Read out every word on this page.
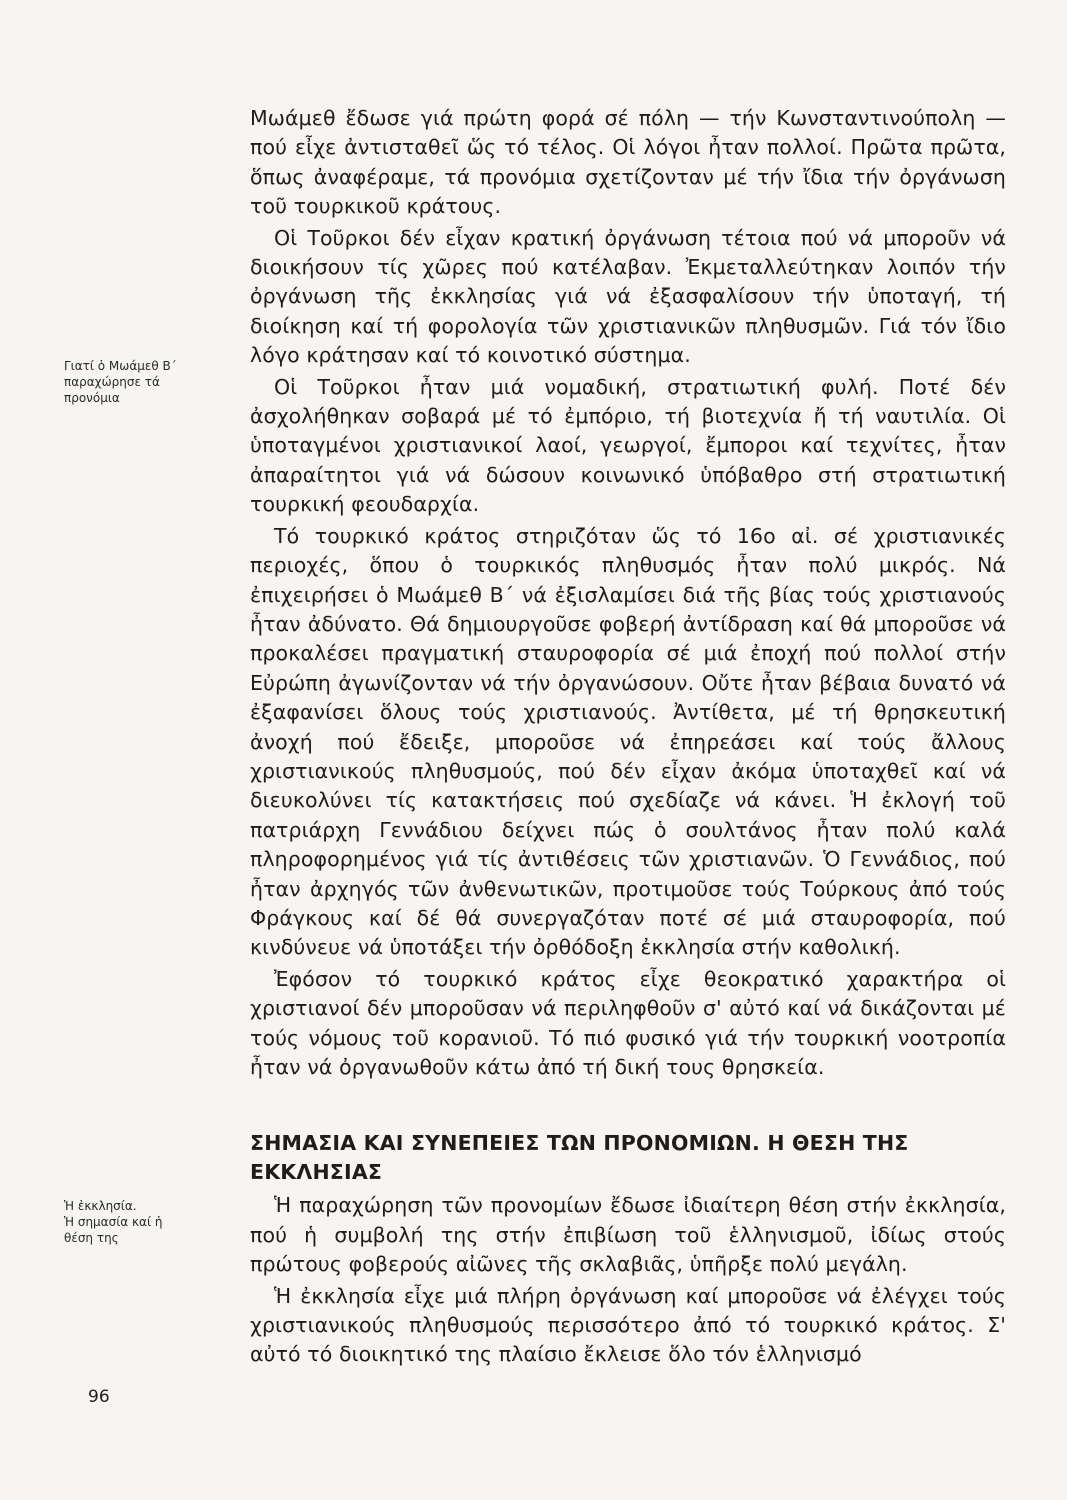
Γιατί ὁ Μωάμεθ Β΄
παραχώρησε τά
προνόμια
Ἡ ἐκκλησία.
Ἡ σημασία καί ἡ
θέση της

Μωάμεθ ἔδωσε γιά πρώτη φορά σέ πόλη — τήν Κωνσταντινούπολη — πού εἶχε ἀντισταθεῖ ὥς τό τέλος. Οἱ λόγοι ἦταν πολλοί. Πρῶτα πρῶτα, ὅπως ἀναφέραμε, τά προνόμια σχετίζονταν μέ τήν ἴδια τήν ὀργάνωση τοῦ τουρκικοῦ κράτους.

Οἱ Τοῦρκοι δέν εἶχαν κρατική ὀργάνωση τέτοια πού νά μποροῦν νά διοικήσουν τίς χῶρες πού κατέλαβαν. Ἐκμεταλλεύτηκαν λοιπόν τήν ὀργάνωση τῆς ἐκκλησίας γιά νά ἐξασφαλίσουν τήν ὑποταγή, τή διοίκηση καί τή φορολογία τῶν χριστιανικῶν πληθυσμῶν. Γιά τόν ἴδιο λόγο κράτησαν καί τό κοινοτικό σύστημα.

Οἱ Τοῦρκοι ἦταν μιά νομαδική, στρατιωτική φυλή. Ποτέ δέν ἀσχολήθηκαν σοβαρά μέ τό ἐμπόριο, τή βιοτεχνία ἤ τή ναυτιλία. Οἱ ὑποταγμένοι χριστιανικοί λαοί, γεωργοί, ἔμποροι καί τεχνίτες, ἦταν ἀπαραίτητοι γιά νά δώσουν κοινωνικό ὑπόβαθρο στή στρατιωτική τουρκική φεουδαρχία.

Τό τουρκικό κράτος στηριζόταν ὥς τό 16ο αἰ. σέ χριστιανικές περιοχές, ὅπου ὁ τουρκικός πληθυσμός ἦταν πολύ μικρός. Νά ἐπιχειρήσει ὁ Μωάμεθ Β΄ νά ἐξισλαμίσει διά τῆς βίας τούς χριστιανούς ἦταν ἀδύνατο. Θά δημιουργοῦσε φοβερή ἀντίδραση καί θά μποροῦσε νά προκαλέσει πραγματική σταυροφορία σέ μιά ἐποχή πού πολλοί στήν Εὐρώπη ἀγωνίζονταν νά τήν ὀργανώσουν. Οὔτε ἦταν βέβαια δυνατό νά ἐξαφανίσει ὅλους τούς χριστιανούς. Ἀντίθετα, μέ τή θρησκευτική ἀνοχή πού ἔδειξε, μποροῦσε νά ἐπηρεάσει καί τούς ἄλλους χριστιανικούς πληθυσμούς, πού δέν εἶχαν ἀκόμα ὑποταχθεῖ καί νά διευκολύνει τίς κατακτήσεις πού σχεδίαζε νά κάνει. Ἡ ἐκλογή τοῦ πατριάρχη Γεννάδιου δείχνει πώς ὁ σουλτάνος ἦταν πολύ καλά πληροφορημένος γιά τίς ἀντιθέσεις τῶν χριστιανῶν. Ὁ Γεννάδιος, πού ἦταν ἀρχηγός τῶν ἀνθενωτικῶν, προτιμοῦσε τούς Τούρκους ἀπό τούς Φράγκους καί δέ θά συνεργαζόταν ποτέ σέ μιά σταυροφορία, πού κινδύνευε νά ὑποτάξει τήν ὀρθόδοξη ἐκκλησία στήν καθολική.

Ἐφόσον τό τουρκικό κράτος εἶχε θεοκρατικό χαρακτήρα οἱ χριστιανοί δέν μποροῦσαν νά περιληφθοῦν σ' αὐτό καί νά δικάζονται μέ τούς νόμους τοῦ κορανιοῦ. Τό πιό φυσικό γιά τήν τουρκική νοοτροπία ἦταν νά ὀργανωθοῦν κάτω ἀπό τή δική τους θρησκεία.

ΣΗΜΑΣΙΑ ΚΑΙ ΣΥΝΕΠΕΙΕΣ ΤΩΝ ΠΡΟΝΟΜΙΩΝ. Η ΘΕΣΗ ΤΗΣ ΕΚΚΛΗΣΙΑΣ

Ἡ παραχώρηση τῶν προνομίων ἔδωσε ἰδιαίτερη θέση στήν ἐκκλησία, πού ἡ συμβολή της στήν ἐπιβίωση τοῦ ἑλληνισμοῦ, ἰδίως στούς πρώτους φοβερούς αἰῶνες τῆς σκλαβιᾶς, ὑπῆρξε πολύ μεγάλη.

Ἡ ἐκκλησία εἶχε μιά πλήρη ὀργάνωση καί μποροῦσε νά ἐλέγχει τούς χριστιανικούς πληθυσμούς περισσότερο ἀπό τό τουρκικό κράτος. Σ' αὐτό τό διοικητικό της πλαίσιο ἔκλεισε ὅλο τόν ἑλληνισμό

96
